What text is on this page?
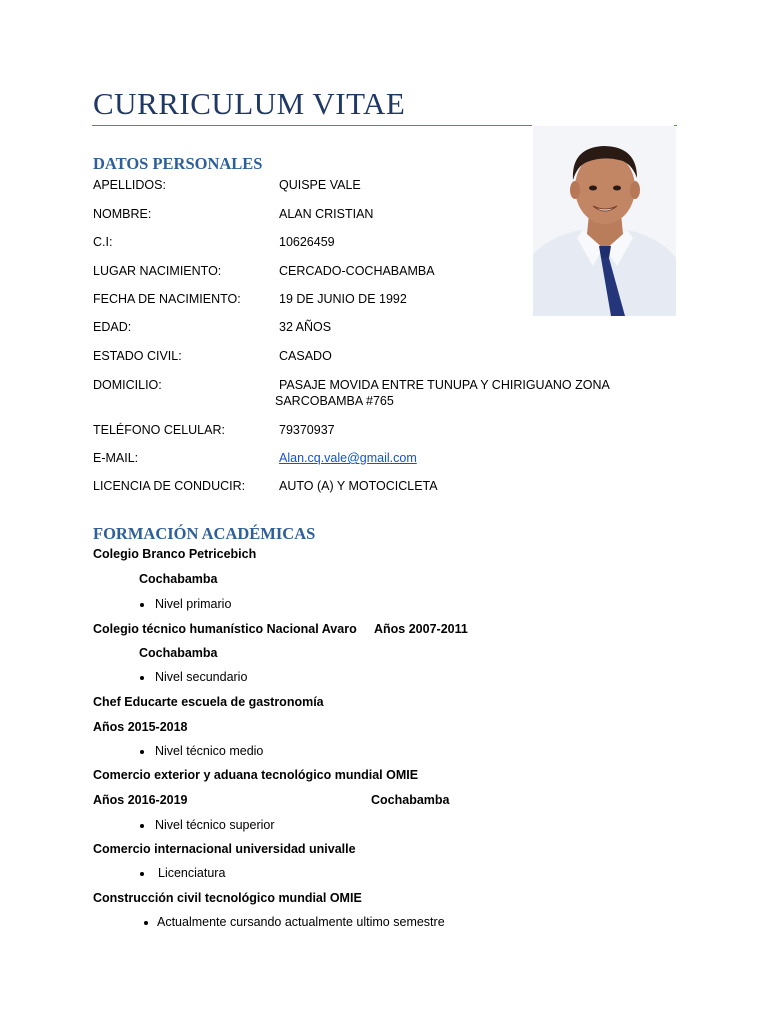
CURRICULUM VITAE
DATOS PERSONALES
APELLIDOS:	QUISPE VALE
NOMBRE:	ALAN CRISTIAN
C.I:	10626459
LUGAR NACIMIENTO:	CERCADO-COCHABAMBA
FECHA DE NACIMIENTO:	19 DE JUNIO DE 1992
EDAD:	32 AÑOS
ESTADO CIVIL:	CASADO
DOMICILIO:	PASAJE MOVIDA ENTRE TUNUPA Y CHIRIGUANO ZONA
SARCOBAMBA #765
TELÉFONO CELULAR:	79370937
E-MAIL:	Alan.cq.vale@gmail.com
LICENCIA DE CONDUCIR:	AUTO (A) Y MOTOCICLETA
FORMACIÓN ACADÉMICAS
Colegio Branco Petricebich
Cochabamba
Nivel primario
Colegio técnico humanístico Nacional Avaro Años 2007-2011
Cochabamba
Nivel secundario
Chef Educarte escuela de gastronomía
Años 2015-2018
Nivel técnico medio
Comercio exterior y aduana tecnológico mundial OMIE
Años 2016-2019	Cochabamba
Nivel técnico superior
Comercio internacional universidad univalle
Licenciatura
Construcción civil tecnológico mundial OMIE
Actualmente cursando actualmente ultimo semestre
